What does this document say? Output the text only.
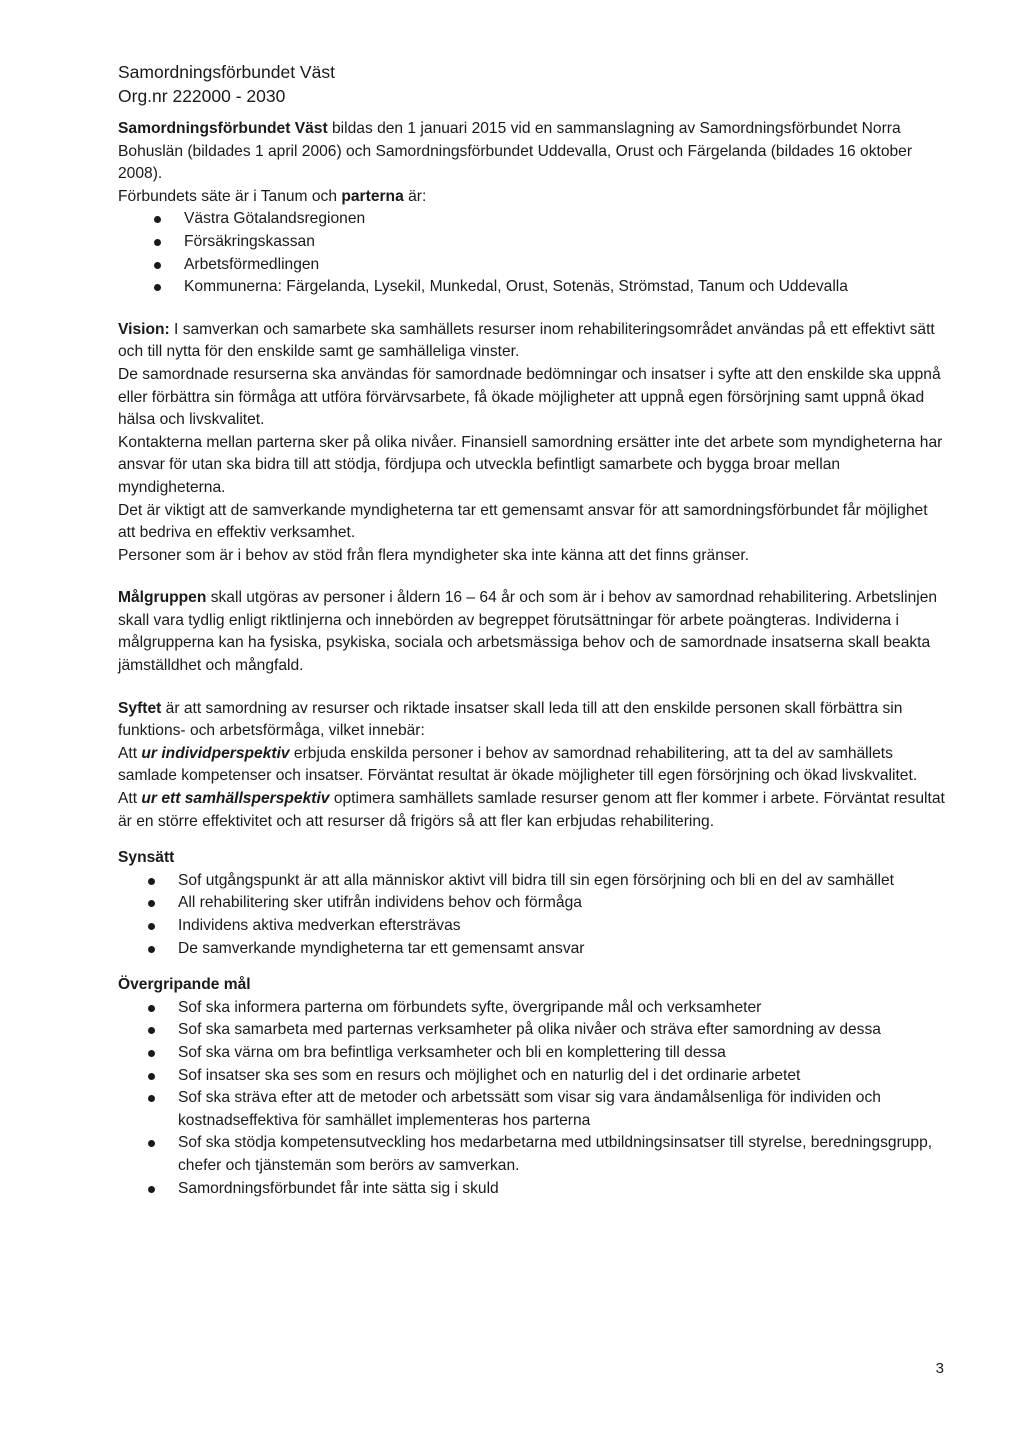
Samordningsförbundet Väst
Org.nr 222000 - 2030

Samordningsförbundet Väst bildas den 1 januari 2015 vid en sammanslagning av Samordningsförbundet Norra Bohuslän (bildades 1 april 2006) och Samordningsförbundet Uddevalla, Orust och Färgelanda (bildades 16 oktober 2008).

Förbundets säte är i Tanum och parterna är:

Västra Götalandsregionen
Försäkringskassan
Arbetsförmedlingen
Kommunerna: Färgelanda, Lysekil, Munkedal, Orust, Sotenäs, Strömstad, Tanum och Uddevalla

Vision: I samverkan och samarbete ska samhällets resurser inom rehabiliteringsområdet användas på ett effektivt sätt och till nytta för den enskilde samt ge samhälleliga vinster.

De samordnade resurserna ska användas för samordnade bedömningar och insatser i syfte att den enskilde ska uppnå eller förbättra sin förmåga att utföra förvärvsarbete, få ökade möjligheter att uppnå egen försörjning samt uppnå ökad hälsa och livskvalitet.

Kontakterna mellan parterna sker på olika nivåer. Finansiell samordning ersätter inte det arbete som myndigheterna har ansvar för utan ska bidra till att stödja, fördjupa och utveckla befintligt samarbete och bygga broar mellan myndigheterna.

Det är viktigt att de samverkande myndigheterna tar ett gemensamt ansvar för att samordningsförbundet får möjlighet att bedriva en effektiv verksamhet.

Personer som är i behov av stöd från flera myndigheter ska inte känna att det finns gränser.

Målgruppen skall utgöras av personer i åldern 16 – 64 år och som är i behov av samordnad rehabilitering. Arbetslinjen skall vara tydlig enligt riktlinjerna och innebörden av begreppet förutsättningar för arbete poängteras. Individerna i målgrupperna kan ha fysiska, psykiska, sociala och arbetsmässiga behov och de samordnade insatserna skall beakta jämställdhet och mångfald.

Syftet är att samordning av resurser och riktade insatser skall leda till att den enskilde personen skall förbättra sin funktions- och arbetsförmåga, vilket innebär:

Att ur individperspektiv erbjuda enskilda personer i behov av samordnad rehabilitering, att ta del av samhällets samlade kompetenser och insatser. Förväntat resultat är ökade möjligheter till egen försörjning och ökad livskvalitet.

Att ur ett samhällsperspektiv optimera samhällets samlade resurser genom att fler kommer i arbete. Förväntat resultat är en större effektivitet och att resurser då frigörs så att fler kan erbjudas rehabilitering.

Synsätt
Sof utgångspunkt är att alla människor aktivt vill bidra till sin egen försörjning och bli en del av samhället
All rehabilitering sker utifrån individens behov och förmåga
Individens aktiva medverkan eftersträvas
De samverkande myndigheterna tar ett gemensamt ansvar
Övergripande mål
Sof ska informera parterna om förbundets syfte, övergripande mål och verksamheter
Sof ska samarbeta med parternas verksamheter på olika nivåer och sträva efter samordning av dessa
Sof ska värna om bra befintliga verksamheter och bli en komplettering till dessa
Sof insatser ska ses som en resurs och möjlighet och en naturlig del i det ordinarie arbetet
Sof ska sträva efter att de metoder och arbetssätt som visar sig vara ändamålsenliga för individen och kostnadseffektiva för samhället implementeras hos parterna
Sof ska stödja kompetensutveckling hos medarbetarna med utbildningsinsatser till styrelse, beredningsgrupp, chefer och tjänstemän som berörs av samverkan.
Samordningsförbundet får inte sätta sig i skuld
3
